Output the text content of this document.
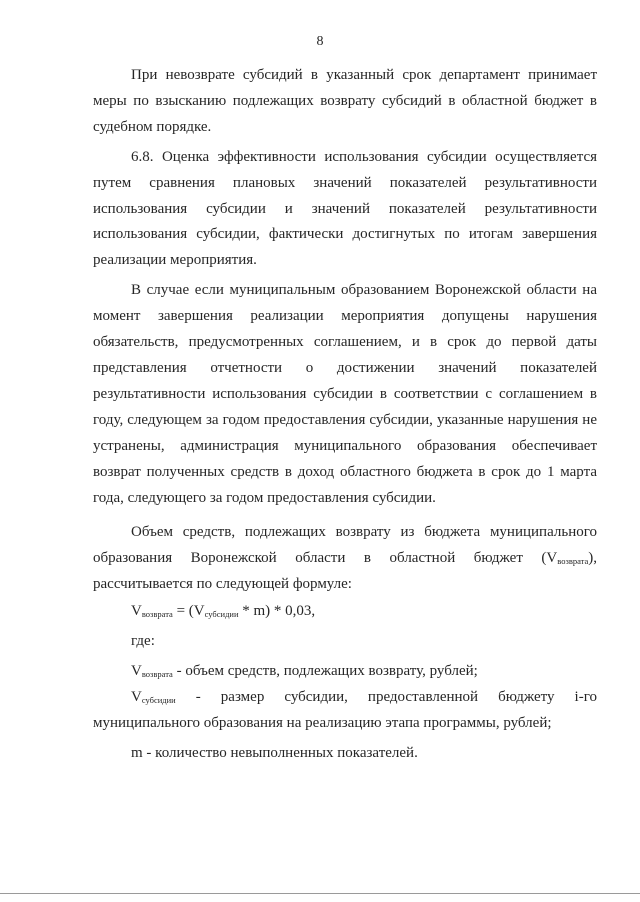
8

При невозврате субсидий в указанный срок департамент принимает меры по взысканию подлежащих возврату субсидий в областной бюджет в судебном порядке.

6.8. Оценка эффективности использования субсидии осуществляется путем сравнения плановых значений показателей результативности использования субсидии и значений показателей результативности использования субсидии, фактически достигнутых по итогам завершения реализации мероприятия.

В случае если муниципальным образованием Воронежской области на момент завершения реализации мероприятия допущены нарушения обязательств, предусмотренных соглашением, и в срок до первой даты представления отчетности о достижении значений показателей результативности использования субсидии в соответствии с соглашением в году, следующем за годом предоставления субсидии, указанные нарушения не устранены, администрация муниципального образования обеспечивает возврат полученных средств в доход областного бюджета в срок до 1 марта года, следующего за годом предоставления субсидии.

Объем средств, подлежащих возврату из бюджета муниципального образования Воронежской области в областной бюджет $(V_{возврата})$, рассчитывается по следующей формуле:

$V_{возврата} = (V_{субсидии} * m) * 0,03$,

где:

$V_{возврата}$ - объем средств, подлежащих возврату, рублей;

$V_{субсидии}$ - размер субсидии, предоставленной бюджету i-го муниципального образования на реализацию этапа программы, рублей;

m - количество невыполненных показателей.
